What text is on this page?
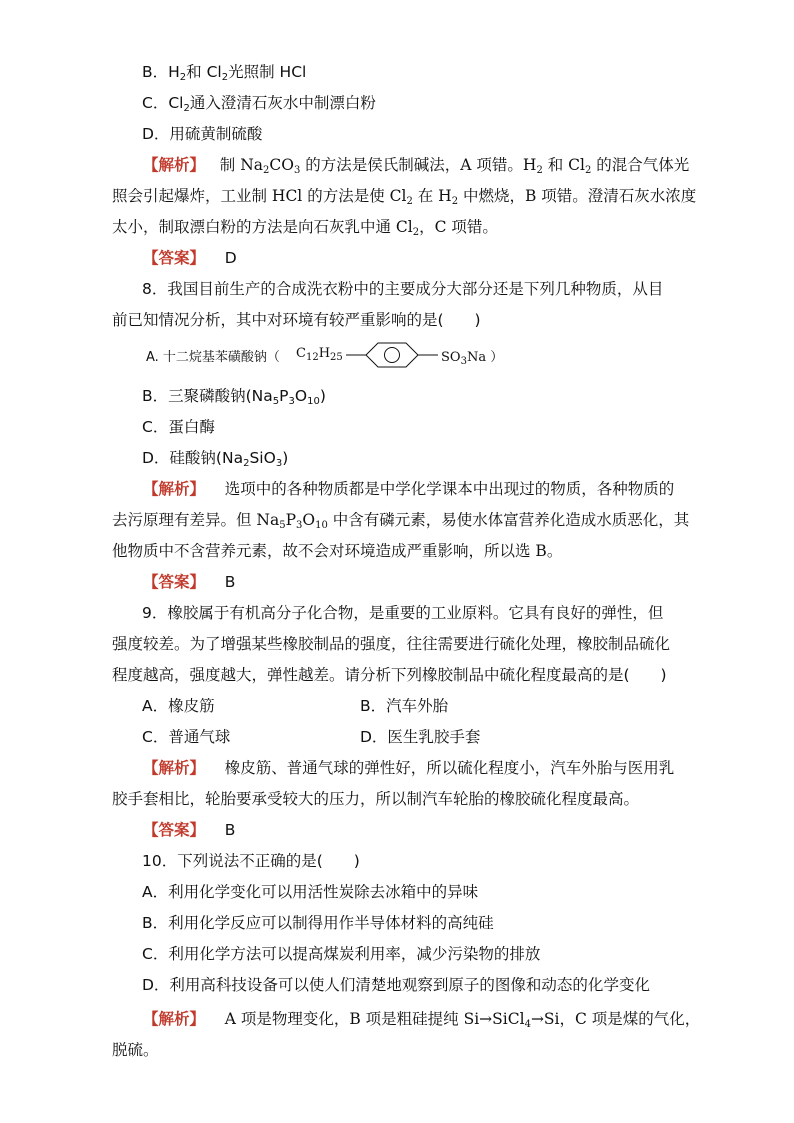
B．$H_2$和 $Cl_2$光照制 HCl
C．$Cl_2$通入澄清石灰水中制漂白粉
D．用硫黄制硫酸
【解析】 制 $Na_2CO_3$ 的方法是侯氏制碱法，A 项错。$H_2$ 和 $Cl_2$ 的混合气体光
照会引起爆炸，工业制 HCl 的方法是使 $Cl_2$ 在 $H_2$ 中燃烧，B 项错。澄清石灰水浓度
太小，制取漂白粉的方法是向石灰乳中通 $Cl_2$，C 项错。
【答案】 D
8．我国目前生产的合成洗衣粉中的主要成分大部分还是下列几种物质，从目
前已知情况分析，其中对环境有较严重影响的是(　　)
A. 十二烷基苯磺酸钠（ $C_{12}H_{25}$	$SO_3Na$ ）
B．三聚磷酸钠$(Na_5P_3O_{10})$
C．蛋白酶
D．硅酸钠$(Na_2SiO_3)$
【解析】 选项中的各种物质都是中学化学课本中出现过的物质，各种物质的
去污原理有差异。但 $Na_5P_3O_{10}$ 中含有磷元素，易使水体富营养化造成水质恶化，其
他物质中不含营养元素，故不会对环境造成严重影响，所以选 B。
【答案】 B
9．橡胶属于有机高分子化合物，是重要的工业原料。它具有良好的弹性，但
强度较差。为了增强某些橡胶制品的强度，往往需要进行硫化处理，橡胶制品硫化
程度越高，强度越大，弹性越差。请分析下列橡胶制品中硫化程度最高的是(　　)
A．橡皮筋	B．汽车外胎
C．普通气球	D．医生乳胶手套
【解析】 橡皮筋、普通气球的弹性好，所以硫化程度小，汽车外胎与医用乳
胶手套相比，轮胎要承受较大的压力，所以制汽车轮胎的橡胶硫化程度最高。
【答案】 B
10．下列说法不正确的是(　　)
A．利用化学变化可以用活性炭除去冰箱中的异味
B．利用化学反应可以制得用作半导体材料的高纯硅
C．利用化学方法可以提高煤炭利用率，减少污染物的排放
D．利用高科技设备可以使人们清楚地观察到原子的图像和动态的化学变化
【解析】 A 项是物理变化，B 项是粗硅提纯 Si→SiCl$_4$→Si，C 项是煤的气化，
脱硫。
